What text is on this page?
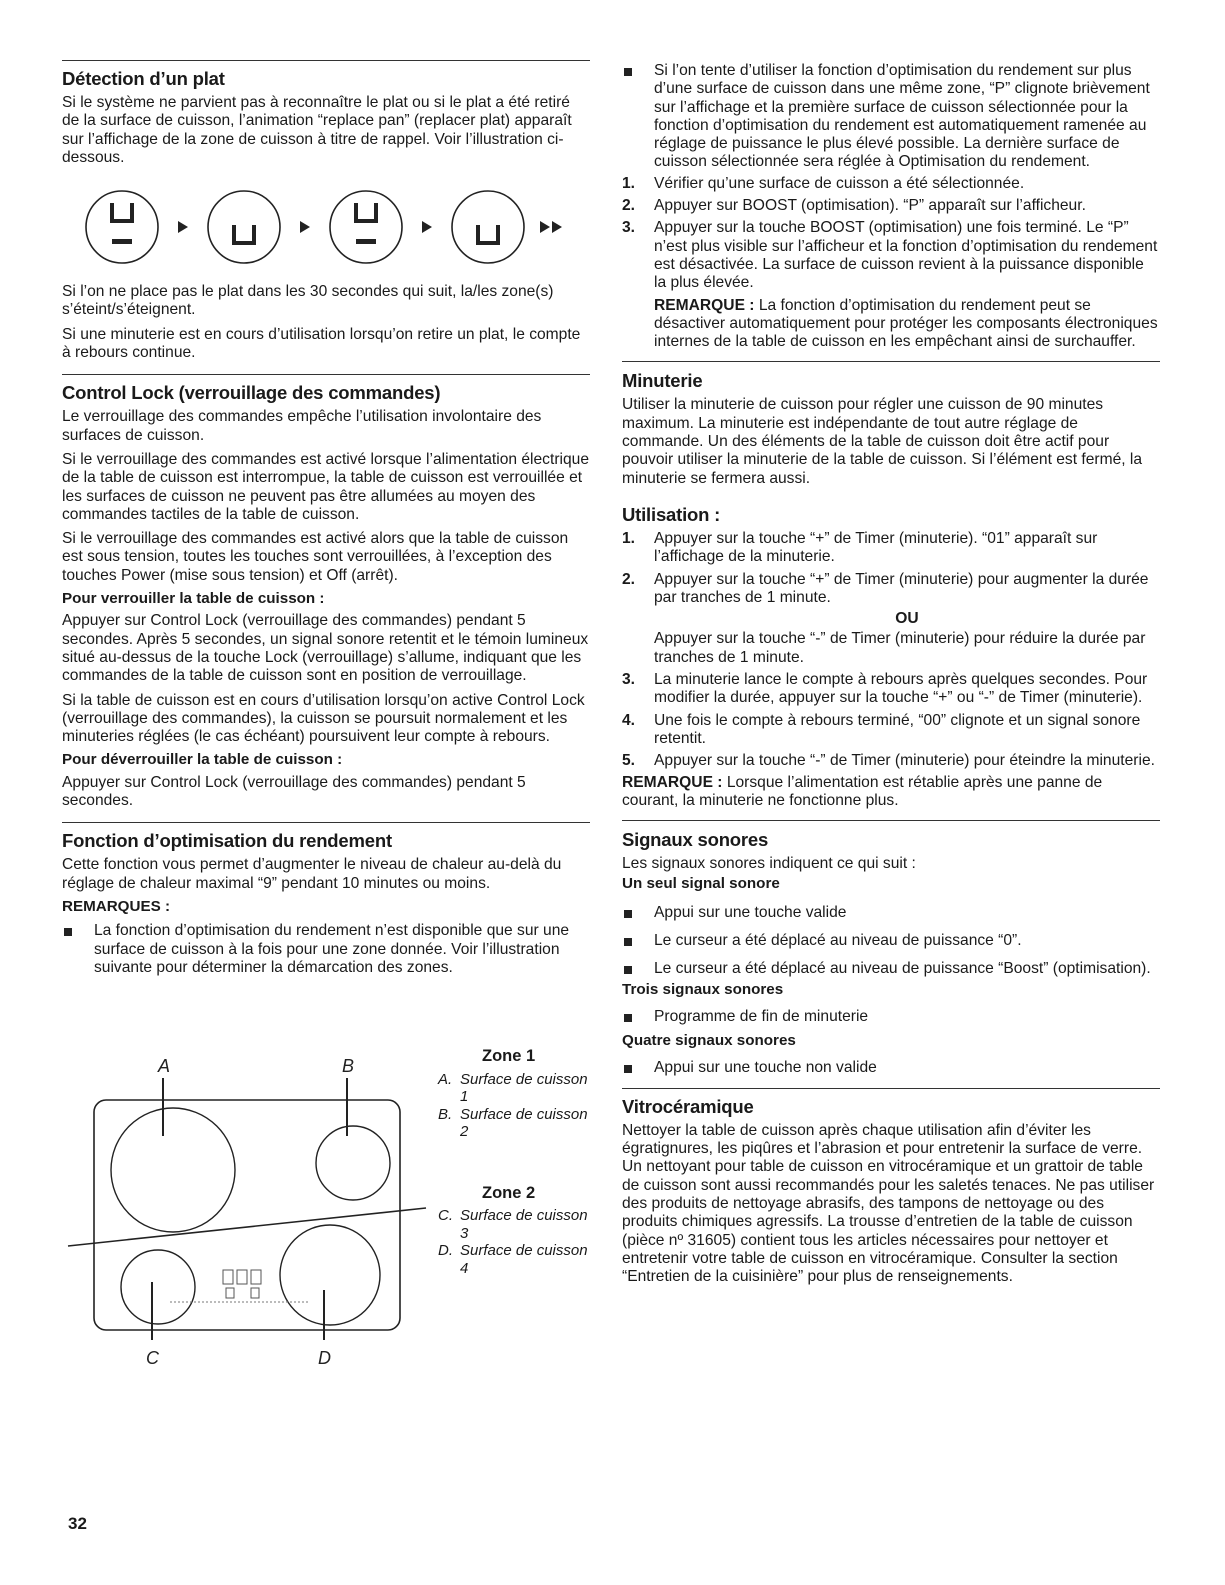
Détection d’un plat

Si le système ne parvient pas à reconnaître le plat ou si le plat a été retiré de la surface de cuisson, l’animation “replace pan” (replacer plat) apparaît sur l’affichage de la zone de cuisson à titre de rappel. Voir l’illustration ci-dessous.

Si l’on ne place pas le plat dans les 30 secondes qui suit, la/les zone(s) s’éteint/s’éteignent.

Si une minuterie est en cours d’utilisation lorsqu’on retire un plat, le compte à rebours continue.

Control Lock (verrouillage des commandes)

Le verrouillage des commandes empêche l’utilisation involontaire des surfaces de cuisson.

Si le verrouillage des commandes est activé lorsque l’alimentation électrique de la table de cuisson est interrompue, la table de cuisson est verrouillée et les surfaces de cuisson ne peuvent pas être allumées au moyen des commandes tactiles de la table de cuisson.

Si le verrouillage des commandes est activé alors que la table de cuisson est sous tension, toutes les touches sont verrouillées, à l’exception des touches Power (mise sous tension) et Off (arrêt).

Pour verrouiller la table de cuisson :

Appuyer sur Control Lock (verrouillage des commandes) pendant 5 secondes. Après 5 secondes, un signal sonore retentit et le témoin lumineux situé au-dessus de la touche Lock (verrouillage) s’allume, indiquant que les commandes de la table de cuisson sont en position de verrouillage.

Si la table de cuisson est en cours d’utilisation lorsqu’on active Control Lock (verrouillage des commandes), la cuisson se poursuit normalement et les minuteries réglées (le cas échéant) poursuivent leur compte à rebours.

Pour déverrouiller la table de cuisson :

Appuyer sur Control Lock (verrouillage des commandes) pendant 5 secondes.

Fonction d’optimisation du rendement

Cette fonction vous permet d’augmenter le niveau de chaleur au-delà du réglage de chaleur maximal “9” pendant 10 minutes ou moins.

REMARQUES :
La fonction d’optimisation du rendement n’est disponible que sur une surface de cuisson à la fois pour une zone donnée. Voir l’illustration suivante pour déterminer la démarcation des zones.
A	B
C	D
Zone 1
A. Surface de cuisson 1
B. Surface de cuisson 2
Zone 2
C. Surface de cuisson 3
D. Surface de cuisson 4
Si l’on tente d’utiliser la fonction d’optimisation du rendement sur plus d’une surface de cuisson dans une même zone, “P” clignote brièvement sur l’affichage et la première surface de cuisson sélectionnée pour la fonction d’optimisation du rendement est automatiquement ramenée au réglage de puissance le plus élevé possible. La dernière surface de cuisson sélectionnée sera réglée à Optimisation du rendement.
1. Vérifier qu’une surface de cuisson a été sélectionnée.
2. Appuyer sur BOOST (optimisation). “P” apparaît sur l’afficheur.
3. Appuyer sur la touche BOOST (optimisation) une fois terminé. Le “P” n’est plus visible sur l’afficheur et la fonction d’optimisation du rendement est désactivée. La surface de cuisson revient à la puissance disponible la plus élevée.

REMARQUE : La fonction d’optimisation du rendement peut se désactiver automatiquement pour protéger les composants électroniques internes de la table de cuisson en les empêchant ainsi de surchauffer.

Minuterie

Utiliser la minuterie de cuisson pour régler une cuisson de 90 minutes maximum. La minuterie est indépendante de tout autre réglage de commande. Un des éléments de la table de cuisson doit être actif pour pouvoir utiliser la minuterie de la table de cuisson. Si l’élément est fermé, la minuterie se fermera aussi.

Utilisation :
1. Appuyer sur la touche “+” de Timer (minuterie). “01” apparaît sur l’affichage de la minuterie.
2. Appuyer sur la touche “+” de Timer (minuterie) pour augmenter la durée par tranches de 1 minute.
OU
Appuyer sur la touche “-” de Timer (minuterie) pour réduire la durée par tranches de 1 minute.
3. La minuterie lance le compte à rebours après quelques secondes. Pour modifier la durée, appuyer sur la touche “+” ou “-” de Timer (minuterie).
4. Une fois le compte à rebours terminé, “00” clignote et un signal sonore retentit.
5. Appuyer sur la touche “-” de Timer (minuterie) pour éteindre la minuterie.

REMARQUE : Lorsque l’alimentation est rétablie après une panne de courant, la minuterie ne fonctionne plus.

Signaux sonores

Les signaux sonores indiquent ce qui suit :

Un seul signal sonore
Appui sur une touche valide
Le curseur a été déplacé au niveau de puissance “0”.
Le curseur a été déplacé au niveau de puissance “Boost” (optimisation).
Trois signaux sonores
Programme de fin de minuterie
Quatre signaux sonores
Appui sur une touche non valide
Vitrocéramique

Nettoyer la table de cuisson après chaque utilisation afin d’éviter les égratignures, les piqûres et l’abrasion et pour entretenir la surface de verre. Un nettoyant pour table de cuisson en vitrocéramique et un grattoir de table de cuisson sont aussi recommandés pour les saletés tenaces. Ne pas utiliser des produits de nettoyage abrasifs, des tampons de nettoyage ou des produits chimiques agressifs. La trousse d’entretien de la table de cuisson (pièce nº 31605) contient tous les articles nécessaires pour nettoyer et entretenir votre table de cuisson en vitrocéramique. Consulter la section “Entretien de la cuisinière” pour plus de renseignements.

32
